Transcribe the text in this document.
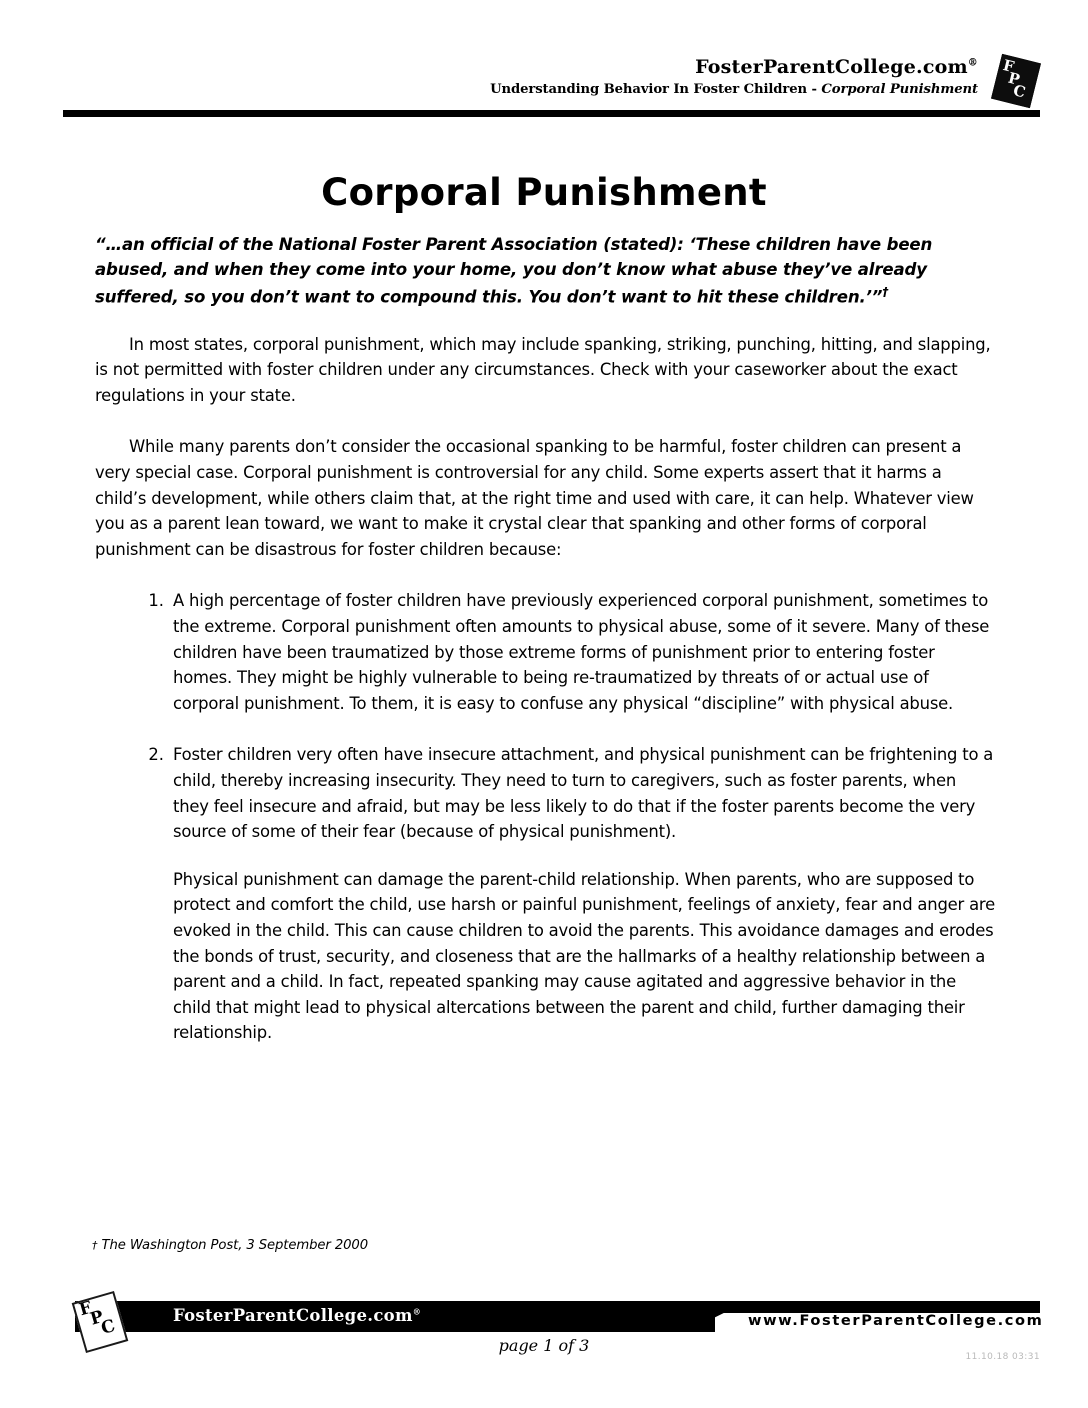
FosterParentCollege.com®
Understanding Behavior In Foster Children - Corporal Punishment
F
P
C
Corporal Punishment

“…an official of the National Foster Parent Association (stated): ‘These children have been abused, and when they come into your home, you don’t know what abuse they’ve already suffered, so you don’t want to compound this. You don’t want to hit these children.’”†

In most states, corporal punishment, which may include spanking, striking, punching, hitting, and slapping, is not permitted with foster children under any circumstances. Check with your caseworker about the exact regulations in your state.

While many parents don’t consider the occasional spanking to be harmful, foster children can present a very special case. Corporal punishment is controversial for any child. Some experts assert that it harms a child’s development, while others claim that, at the right time and used with care, it can help. Whatever view you as a parent lean toward, we want to make it crystal clear that spanking and other forms of corporal punishment can be disastrous for foster children because:

1. A high percentage of foster children have previously experienced corporal punishment, sometimes to the extreme. Corporal punishment often amounts to physical abuse, some of it severe. Many of these children have been traumatized by those extreme forms of punishment prior to entering foster homes. They might be highly vulnerable to being re-traumatized by threats of or actual use of corporal punishment. To them, it is easy to confuse any physical “discipline” with physical abuse.

2. Foster children very often have insecure attachment, and physical punishment can be frightening to a child, thereby increasing insecurity. They need to turn to caregivers, such as foster parents, when they feel insecure and afraid, but may be less likely to do that if the foster parents become the very source of some of their fear (because of physical punishment).

Physical punishment can damage the parent-child relationship. When parents, who are supposed to protect and comfort the child, use harsh or painful punishment, feelings of anxiety, fear and anger are evoked in the child. This can cause children to avoid the parents. This avoidance damages and erodes the bonds of trust, security, and closeness that are the hallmarks of a healthy relationship between a parent and a child. In fact, repeated spanking may cause agitated and aggressive behavior in the child that might lead to physical altercations between the parent and child, further damaging their relationship.

† The Washington Post, 3 September 2000
FosterParentCollege.com®
www.FosterParentCollege.com
F
P
C
page 1 of 3
11.10.18 03:31
